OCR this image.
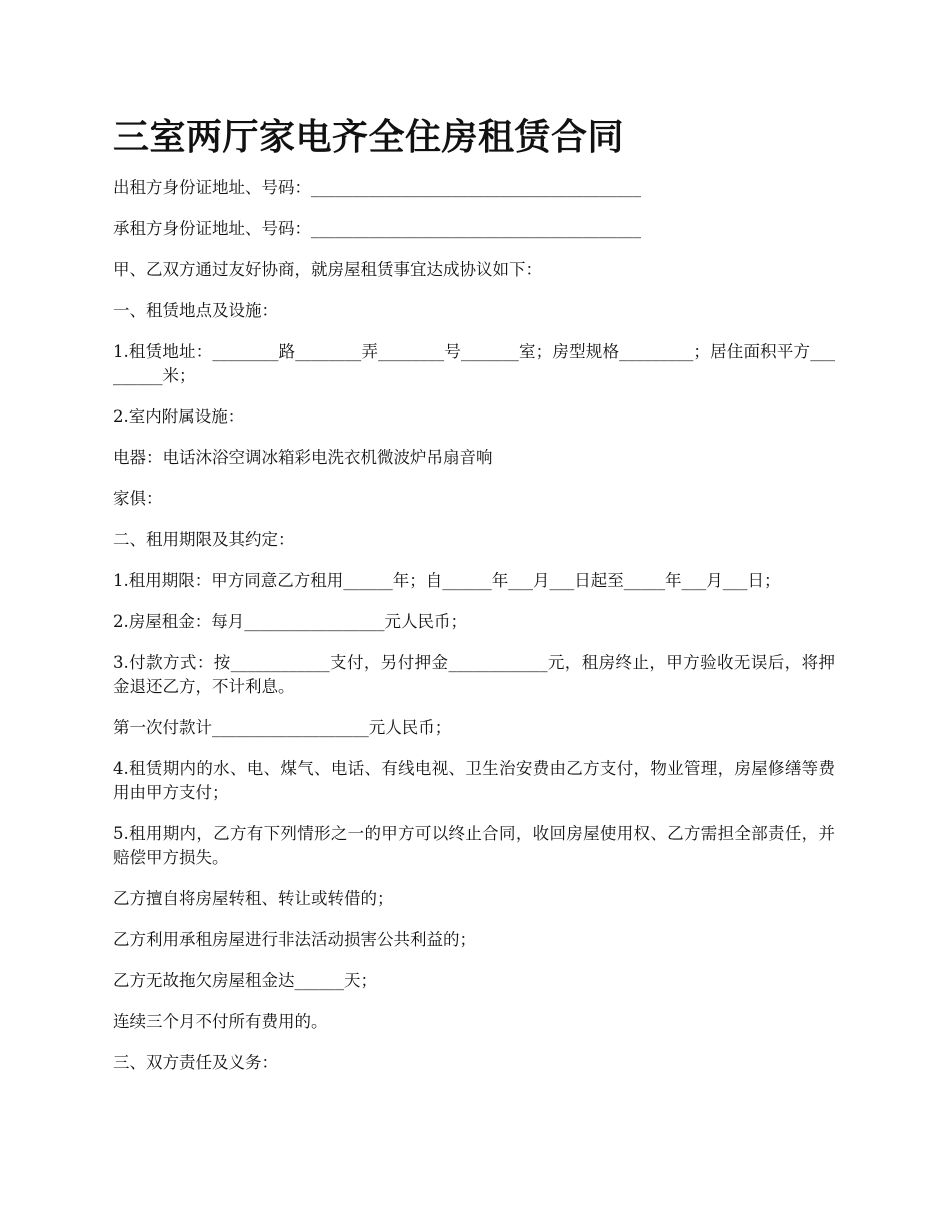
三室两厅家电齐全住房租赁合同

出租方身份证地址、号码：________________________________________

承租方身份证地址、号码：________________________________________

甲、乙双方通过友好协商，就房屋租赁事宜达成协议如下：

一、租赁地点及设施：

1.租赁地址：________路________弄________号_______室；房型规格_________；居住面积平方_________米；

2.室内附属设施：

电器：电话沐浴空调冰箱彩电洗衣机微波炉吊扇音响

家俱：

二、租用期限及其约定：

1.租用期限：甲方同意乙方租用______年；自______年___月___日起至_____年___月___日；

2.房屋租金：每月_________________元人民币；

3.付款方式：按____________支付，另付押金____________元，租房终止，甲方验收无误后，将押金退还乙方，不计利息。

第一次付款计___________________元人民币；

4.租赁期内的水、电、煤气、电话、有线电视、卫生治安费由乙方支付，物业管理，房屋修缮等费用由甲方支付；

5.租用期内，乙方有下列情形之一的甲方可以终止合同，收回房屋使用权、乙方需担全部责任，并赔偿甲方损失。

乙方擅自将房屋转租、转让或转借的；

乙方利用承租房屋进行非法活动损害公共利益的；

乙方无故拖欠房屋租金达______天；

连续三个月不付所有费用的。

三、双方责任及义务：
